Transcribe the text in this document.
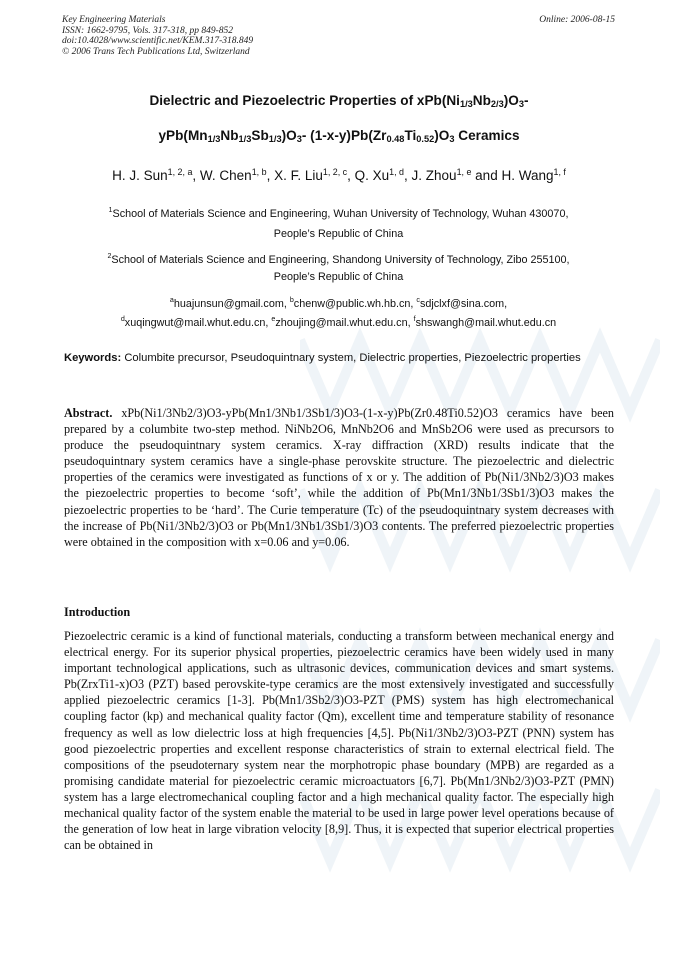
Key Engineering Materials
ISSN: 1662-9795, Vols. 317-318, pp 849-852
doi:10.4028/www.scientific.net/KEM.317-318.849
© 2006 Trans Tech Publications Ltd, Switzerland
Online: 2006-08-15
Dielectric and Piezoelectric Properties of $xPb(Ni_{1/3}Nb_{2/3})O_3-$
$yPb(Mn_{1/3}Nb_{1/3}Sb_{1/3})O_3-$ $(1-x-y)Pb(Zr_{0.48}Ti_{0.52})O_3$ Ceramics
H. J. Sun$^{1, 2, a}$, W. Chen$^{1, b}$, X. F. Liu$^{1, 2, c}$, Q. Xu$^{1, d}$, J. Zhou$^{1, e}$ and H. Wang$^{1, f}$
$^1$School of Materials Science and Engineering, Wuhan University of Technology, Wuhan 430070,
People’s Republic of China
$^2$School of Materials Science and Engineering, Shandong University of Technology, Zibo 255100,
People’s Republic of China
$^a$huajunsun@gmail.com, $^b$chenw@public.wh.hb.cn, $^c$sdjclxf@sina.com,
$^d$xuqingwut@mail.whut.edu.cn, $^e$zhoujing@mail.whut.edu.cn, $^f$shswangh@mail.whut.edu.cn
Keywords: Columbite precursor, Pseudoquintnary system, Dielectric properties, Piezoelectric properties
Abstract. xPb(Ni1/3Nb2/3)O3-yPb(Mn1/3Nb1/3Sb1/3)O3-(1-x-y)Pb(Zr0.48Ti0.52)O3 ceramics have been prepared by a columbite two-step method. NiNb2O6, MnNb2O6 and MnSb2O6 were used as precursors to produce the pseudoquintnary system ceramics. X-ray diffraction (XRD) results indicate that the pseudoquintnary system ceramics have a single-phase perovskite structure. The piezoelectric and dielectric properties of the ceramics were investigated as functions of x or y. The addition of Pb(Ni1/3Nb2/3)O3 makes the piezoelectric properties to become ‘soft’, while the addition of Pb(Mn1/3Nb1/3Sb1/3)O3 makes the piezoelectric properties to be ‘hard’. The Curie temperature (Tc) of the pseudoquintnary system decreases with the increase of Pb(Ni1/3Nb2/3)O3 or Pb(Mn1/3Nb1/3Sb1/3)O3 contents. The preferred piezoelectric properties were obtained in the composition with x=0.06 and y=0.06.
Introduction
Piezoelectric ceramic is a kind of functional materials, conducting a transform between mechanical energy and electrical energy. For its superior physical properties, piezoelectric ceramics have been widely used in many important technological applications, such as ultrasonic devices, communication devices and smart systems. Pb(ZrxTi1-x)O3 (PZT) based perovskite-type ceramics are the most extensively investigated and successfully applied piezoelectric ceramics [1-3]. Pb(Mn1/3Sb2/3)O3-PZT (PMS) system has high electromechanical coupling factor (kp) and mechanical quality factor (Qm), excellent time and temperature stability of resonance frequency as well as low dielectric loss at high frequencies [4,5]. Pb(Ni1/3Nb2/3)O3-PZT (PNN) system has good piezoelectric properties and excellent response characteristics of strain to external electrical field. The compositions of the pseudoternary system near the morphotropic phase boundary (MPB) are regarded as a promising candidate material for piezoelectric ceramic microactuators [6,7]. Pb(Mn1/3Nb2/3)O3-PZT (PMN) system has a large electromechanical coupling factor and a high mechanical quality factor. The especially high mechanical quality factor of the system enable the material to be used in large power level operations because of the generation of low heat in large vibration velocity [8,9]. Thus, it is expected that superior electrical properties can be obtained in
